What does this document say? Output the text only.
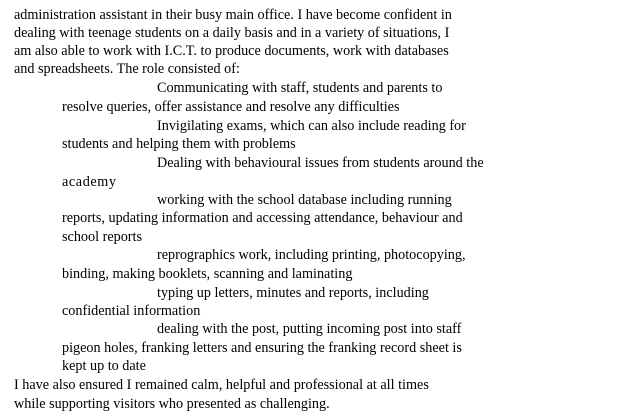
administration assistant in their busy main office. I have become confident in
dealing with teenage students on a daily basis and in a variety of situations, I
am also able to work with I.C.T. to produce documents, work with databases
and spreadsheets. The role consisted of:
Communicating with staff, students and parents to
resolve queries, offer assistance and resolve any difficulties
Invigilating exams, which can also include reading for
students and helping them with problems
Dealing with behavioural issues from students around the
academy
working with the school database including running
reports, updating information and accessing attendance, behaviour and
school reports
reprographics work, including printing, photocopying,
binding, making booklets, scanning and laminating
typing up letters, minutes and reports, including
confidential information
dealing with the post, putting incoming post into staff
pigeon holes, franking letters and ensuring the franking record sheet is
kept up to date
I have also ensured I remained calm, helpful and professional at all times
while supporting visitors who presented as challenging.
